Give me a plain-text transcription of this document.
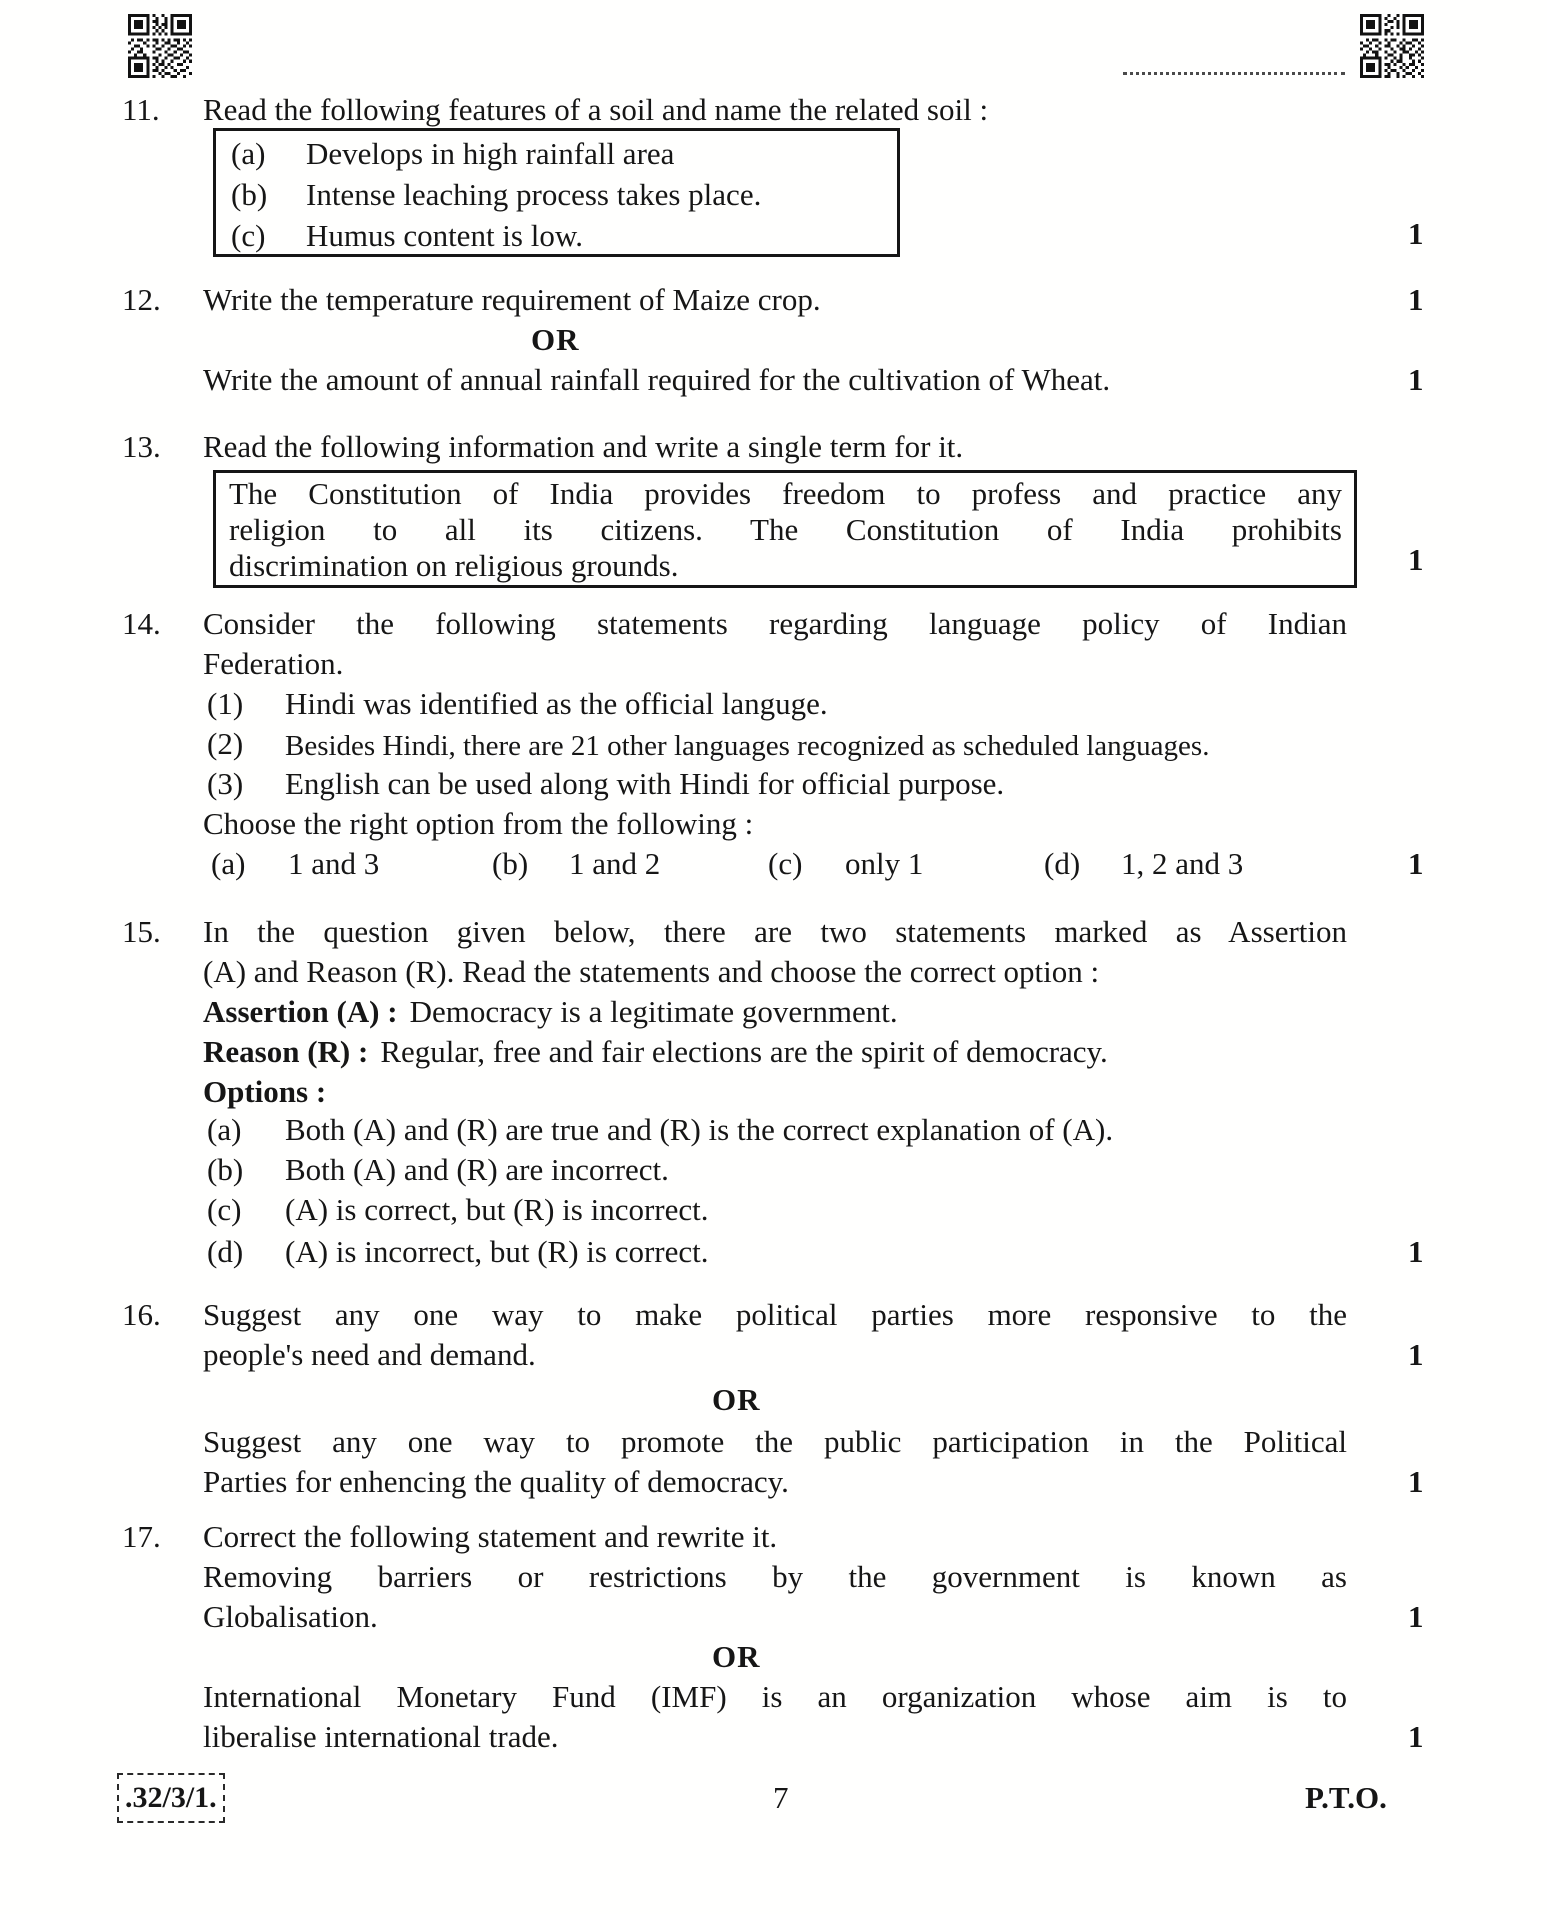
11. Read the following features of a soil and name the related soil :
(a) Develops in high rainfall area
(b) Intense leaching process takes place.
(c) Humus content is low.	1
12. Write the temperature requirement of Maize crop.	1
OR
Write the amount of annual rainfall required for the cultivation of Wheat.	1
13. Read the following information and write a single term for it.
The Constitution of India provides freedom to profess and practice any
religion to all its citizens. The Constitution of India prohibits
discrimination on religious grounds.	1
14. Consider the following statements regarding language policy of Indian
Federation.
(1) Hindi was identified as the official languge.
(2) Besides Hindi, there are 21 other languages recognized as scheduled languages.
(3) English can be used along with Hindi for official purpose.
Choose the right option from the following :
(a) 1 and 3	(b) 1 and 2	(c) only 1	(d) 1, 2 and 3	1
15. In the question given below, there are two statements marked as Assertion
(A) and Reason (R). Read the statements and choose the correct option :
Assertion (A) : Democracy is a legitimate government.
Reason (R) : Regular, free and fair elections are the spirit of democracy.
Options :
(a) Both (A) and (R) are true and (R) is the correct explanation of (A).
(b) Both (A) and (R) are incorrect.
(c) (A) is correct, but (R) is incorrect.
(d) (A) is incorrect, but (R) is correct.	1
16. Suggest any one way to make political parties more responsive to the
people's need and demand.	1
OR
Suggest any one way to promote the public participation in the Political
Parties for enhencing the quality of democracy.	1
17. Correct the following statement and rewrite it.
Removing barriers or restrictions by the government is known as
Globalisation.	1
OR
International Monetary Fund (IMF) is an organization whose aim is to
liberalise international trade.	1
.32/3/1.	7	P.T.O.
